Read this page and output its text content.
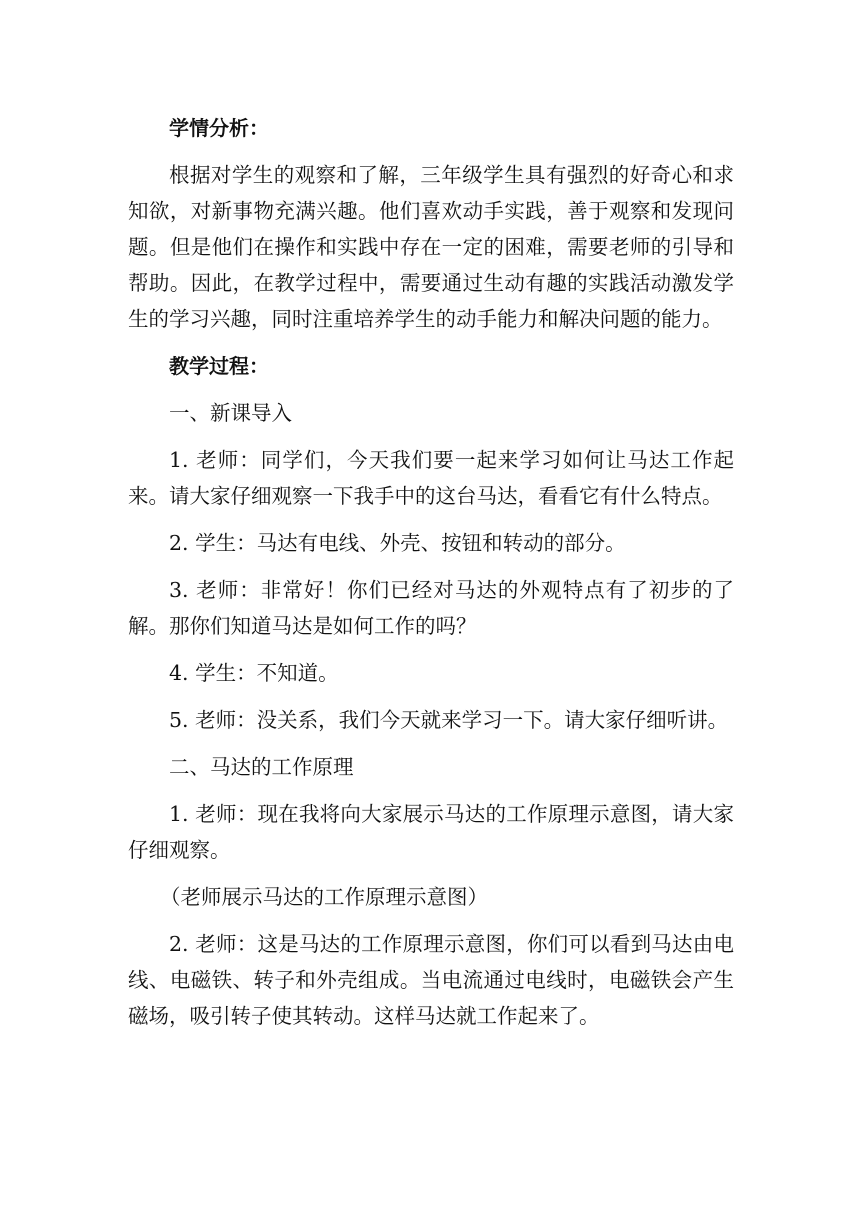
学情分析：
根据对学生的观察和了解，三年级学生具有强烈的好奇心和求知欲，对新事物充满兴趣。他们喜欢动手实践，善于观察和发现问题。但是他们在操作和实践中存在一定的困难，需要老师的引导和帮助。因此，在教学过程中，需要通过生动有趣的实践活动激发学生的学习兴趣，同时注重培养学生的动手能力和解决问题的能力。
教学过程：
一、新课导入
1. 老师：同学们，今天我们要一起来学习如何让马达工作起来。请大家仔细观察一下我手中的这台马达，看看它有什么特点。
2. 学生：马达有电线、外壳、按钮和转动的部分。
3. 老师：非常好！你们已经对马达的外观特点有了初步的了解。那你们知道马达是如何工作的吗？
4. 学生：不知道。
5. 老师：没关系，我们今天就来学习一下。请大家仔细听讲。
二、马达的工作原理
1. 老师：现在我将向大家展示马达的工作原理示意图，请大家仔细观察。
（老师展示马达的工作原理示意图）
2. 老师：这是马达的工作原理示意图，你们可以看到马达由电线、电磁铁、转子和外壳组成。当电流通过电线时，电磁铁会产生磁场，吸引转子使其转动。这样马达就工作起来了。
